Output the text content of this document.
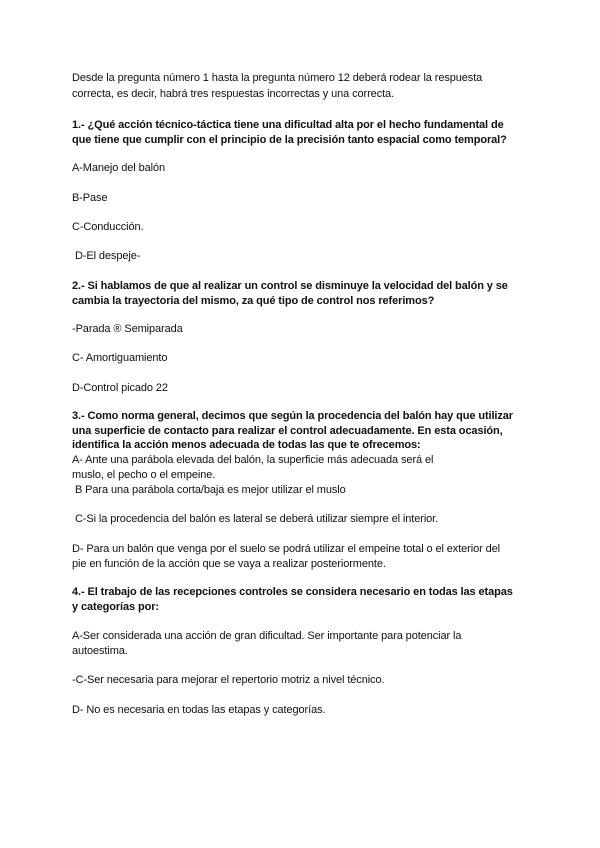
Desde la pregunta número 1 hasta la pregunta número 12 deberá rodear la respuesta
correcta, es decir, habrá tres respuestas incorrectas y una correcta.
1.- ¿Qué acción técnico-táctica tiene una dificultad alta por el hecho fundamental de
que tiene que cumplir con el principio de la precisión tanto espacial como temporal?
A-Manejo del balón
B-Pase
C-Conducción.
D-El despeje-
2.- Si hablamos de que al realizar un control se disminuye la velocidad del balón y se
cambia la trayectoria del mismo, za qué tipo de control nos referimos?
-Parada ® Semiparada
C- Amortiguamiento
D-Control picado 22
3.- Como norma general, decimos que según la procedencia del balón hay que utilizar
una superficie de contacto para realizar el control adecuadamente. En esta ocasión,
identifica la acción menos adecuada de todas las que te ofrecemos:
A- Ante una parábola elevada del balón, la superficie más adecuada será el
muslo, el pecho o el empeine.
B Para una parábola corta/baja es mejor utilizar el muslo
C-Si la procedencia del balón es lateral se deberá utilizar siempre el interior.
D- Para un balón que venga por el suelo se podrá utilizar el empeine total o el exterior del
pie en función de la acción que se vaya a realizar posteriormente.
4.- El trabajo de las recepciones controles se considera necesario en todas las etapas
y categorías por:
A-Ser considerada una acción de gran dificultad. Ser importante para potenciar la
autoestima.
-C-Ser necesaria para mejorar el repertorio motriz a nivel técnico.
D- No es necesaria en todas las etapas y categorías.
